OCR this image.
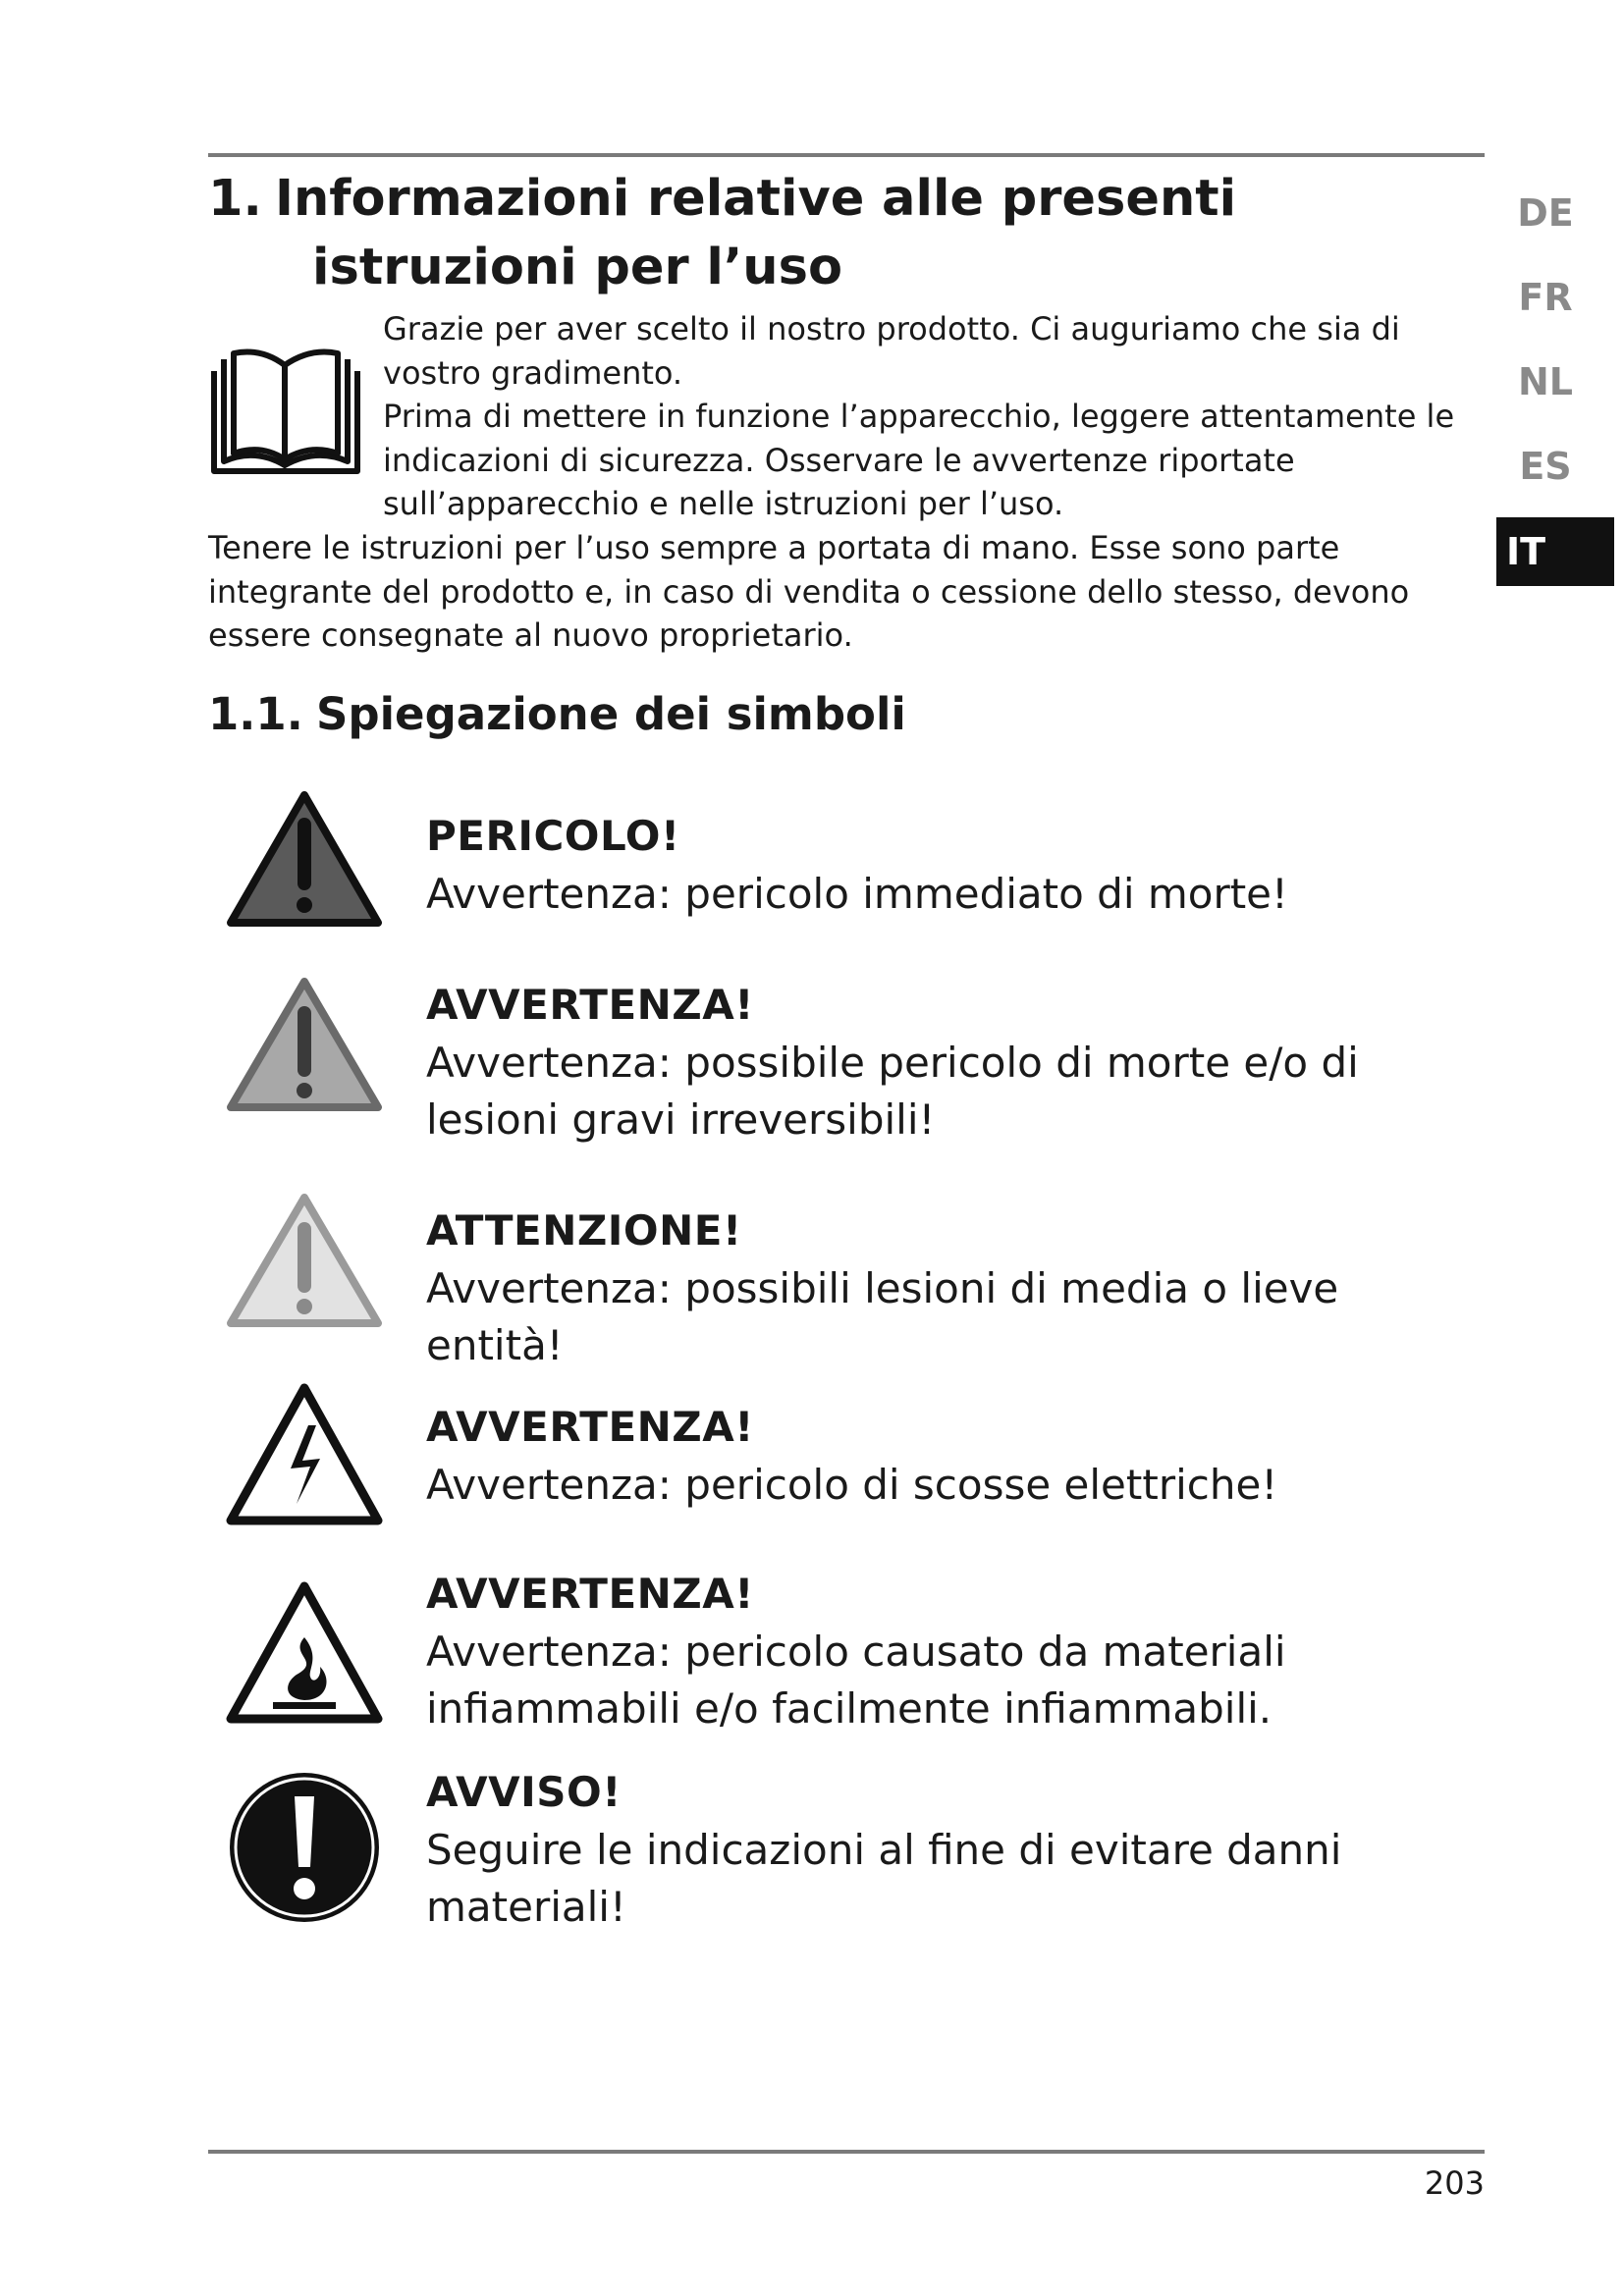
1. Informazioni relative alle presenti
istruzioni per l’uso

Grazie per aver scelto il nostro prodotto. Ci auguriamo che sia di vostro gradimento.

Prima di mettere in funzione l’apparecchio, leggere attentamente le indicazioni di sicurezza. Osservare le avvertenze riportate sull’apparecchio e nelle istruzioni per l’uso.

Tenere le istruzioni per l’uso sempre a portata di mano. Esse sono parte integrante del prodotto e, in caso di vendita o cessione dello stesso, devono essere consegnate al nuovo proprietario.

1.1. Spiegazione dei simboli

PERICOLO!

Avvertenza: pericolo immediato di morte!

AVVERTENZA!

Avvertenza: possibile pericolo di morte e/o di lesioni gravi irreversibili!

ATTENZIONE!

Avvertenza: possibili lesioni di media o lieve entità!

AVVERTENZA!

Avvertenza: pericolo di scosse elettriche!

AVVERTENZA!

Avvertenza: pericolo causato da materiali infiammabili e/o facilmente infiammabili.

AVVISO!

Seguire le indicazioni al fine di evitare danni materiali!

DE
FR
NL
ES
IT
203
